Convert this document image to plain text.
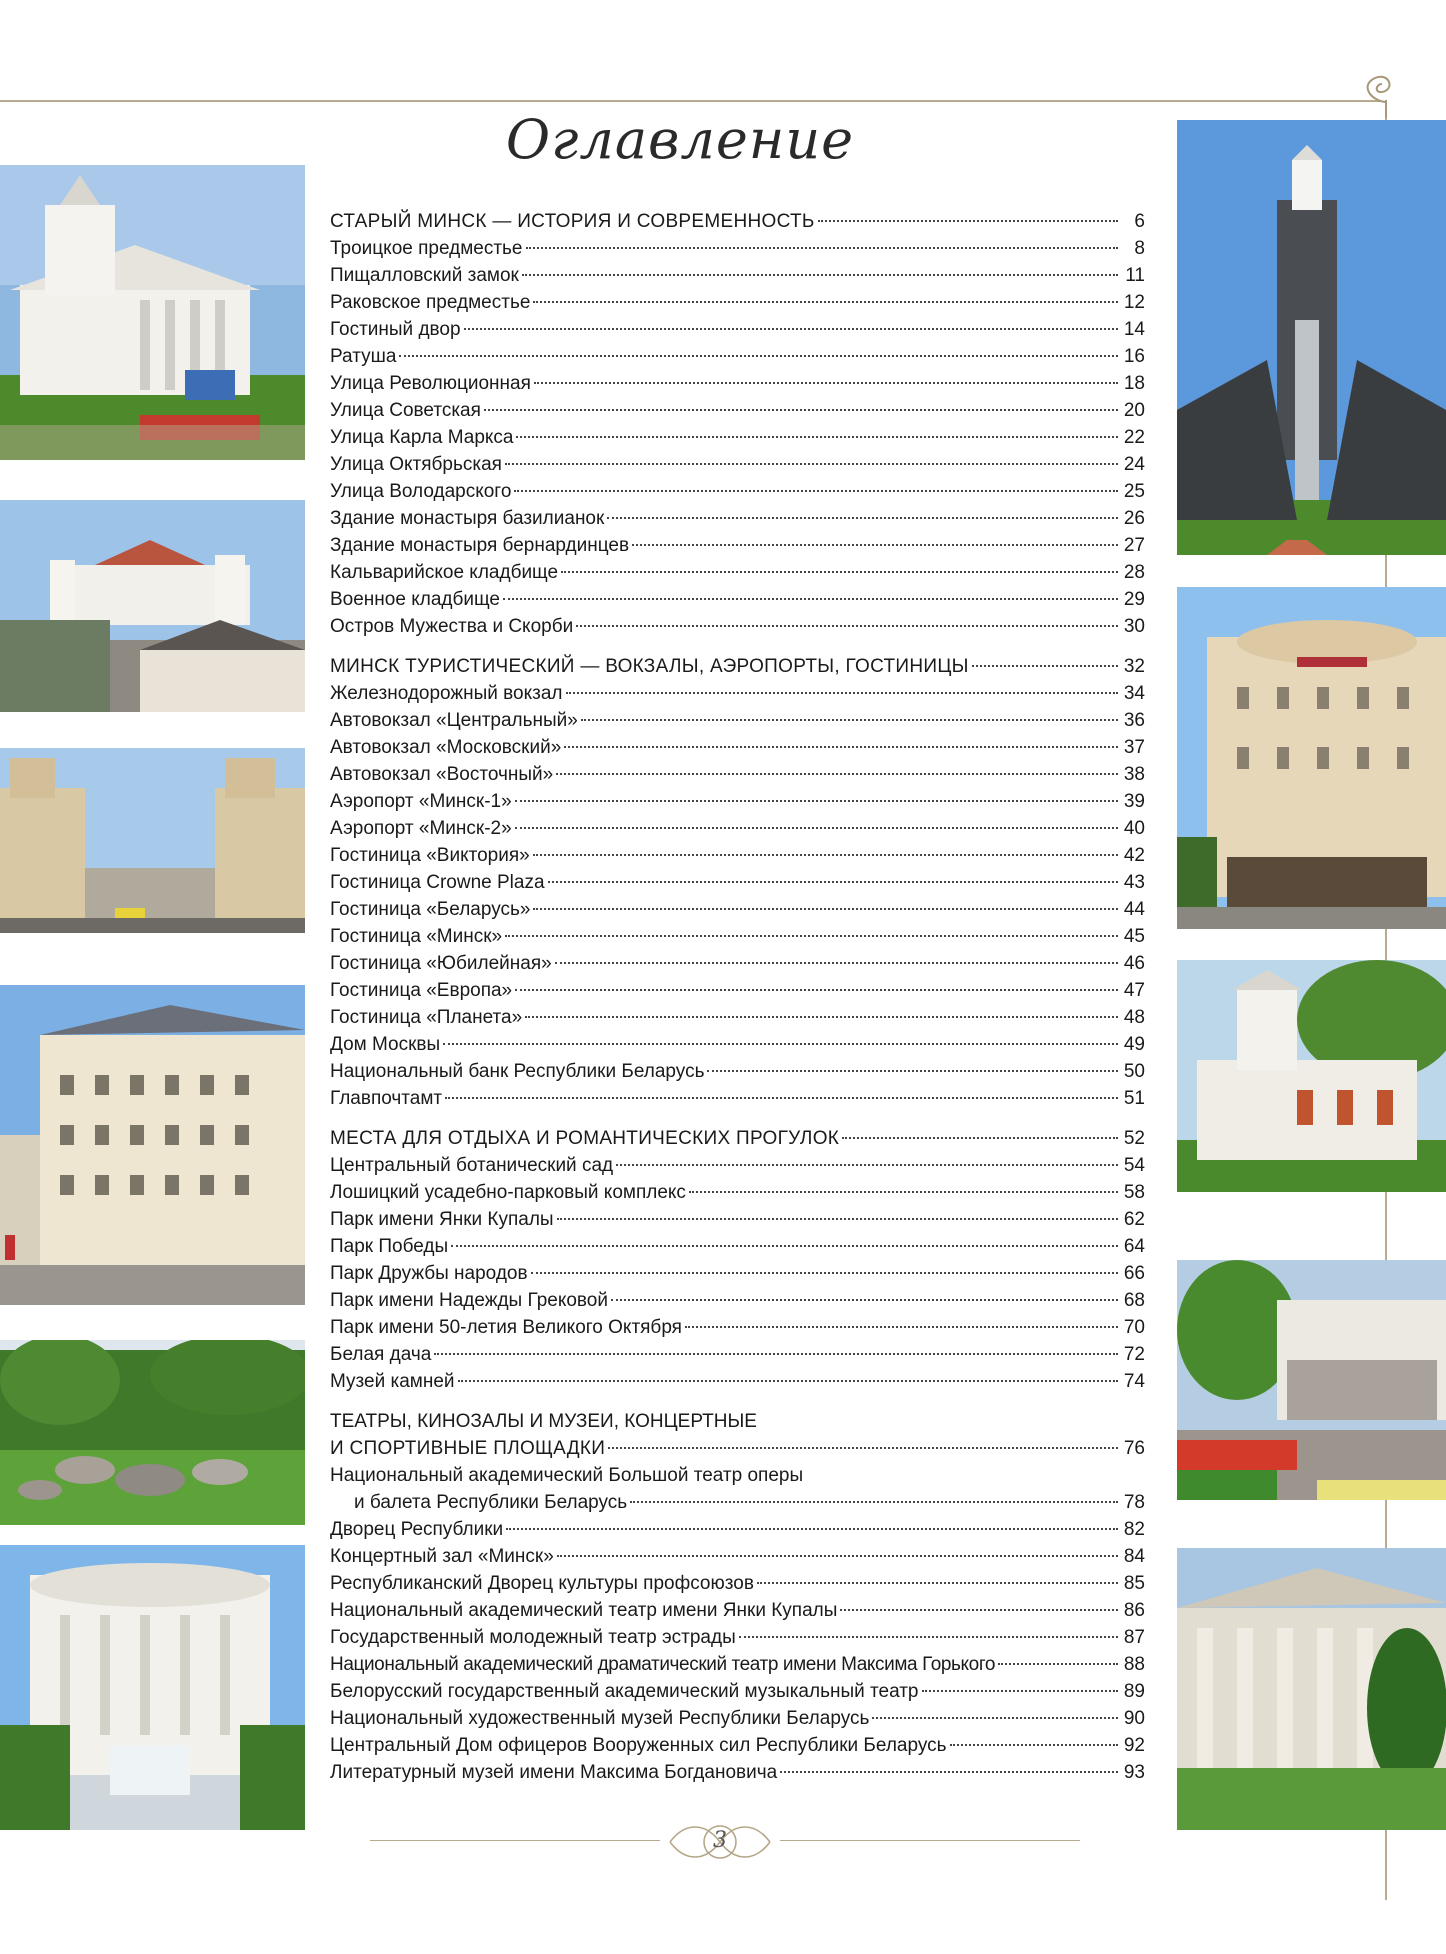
Оглавление
СТАРЫЙ МИНСК — ИСТОРИЯ И СОВРЕМЕННОСТЬ	6
Троицкое предместье	8
Пищалловский замок	11
Раковское предместье	12
Гостиный двор	14
Ратуша	16
Улица Революционная	18
Улица Советская	20
Улица Карла Маркса	22
Улица Октябрьская	24
Улица Володарского	25
Здание монастыря базилианок	26
Здание монастыря бернардинцев	27
Кальварийское кладбище	28
Военное кладбище	29
Остров Мужества и Скорби	30
МИНСК ТУРИСТИЧЕСКИЙ — ВОКЗАЛЫ, АЭРОПОРТЫ, ГОСТИНИЦЫ	32
Железнодорожный вокзал	34
Автовокзал «Центральный»	36
Автовокзал «Московский»	37
Автовокзал «Восточный»	38
Аэропорт «Минск-1»	39
Аэропорт «Минск-2»	40
Гостиница «Виктория»	42
Гостиница Crowne Plaza	43
Гостиница «Беларусь»	44
Гостиница «Минск»	45
Гостиница «Юбилейная»	46
Гостиница «Европа»	47
Гостиница «Планета»	48
Дом Москвы	49
Национальный банк Республики Беларусь	50
Главпочтамт	51
МЕСТА ДЛЯ ОТДЫХА И РОМАНТИЧЕСКИХ ПРОГУЛОК	52
Центральный ботанический сад	54
Лошицкий усадебно-парковый комплекс	58
Парк имени Янки Купалы	62
Парк Победы	64
Парк Дружбы народов	66
Парк имени Надежды Грековой	68
Парк имени 50-летия Великого Октября	70
Белая дача	72
Музей камней	74
ТЕАТРЫ, КИНОЗАЛЫ И МУЗЕИ, КОНЦЕРТНЫЕ
И СПОРТИВНЫЕ ПЛОЩАДКИ	76
Национальный академический Большой театр оперы
и балета Республики Беларусь	78
Дворец Республики	82
Концертный зал «Минск»	84
Республиканский Дворец культуры профсоюзов	85
Национальный академический театр имени Янки Купалы	86
Государственный молодежный театр эстрады	87
Национальный академический драматический театр имени Максима Горького	88
Белорусский государственный академический музыкальный театр	89
Национальный художественный музей Республики Беларусь	90
Центральный Дом офицеров Вооруженных сил Республики Беларусь	92
Литературный музей имени Максима Богдановича	93
3
